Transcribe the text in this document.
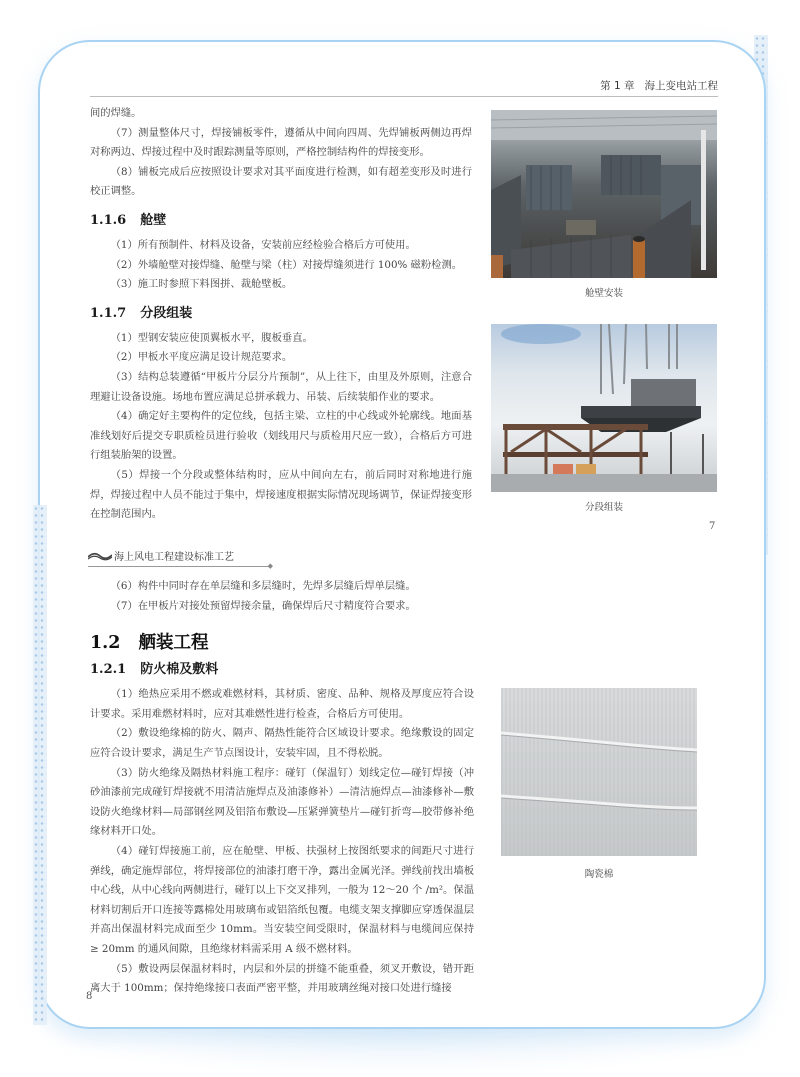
第 1 章 海上变电站工程

间的焊缝。

（7）测量整体尺寸，焊接铺板零件，遵循从中间向四周、先焊铺板两侧边再焊对称两边、焊接过程中及时跟踪测量等原则，严格控制结构件的焊接变形。

（8）铺板完成后应按照设计要求对其平面度进行检测，如有超差变形及时进行校正调整。

1.1.6 舱壁

（1）所有预制件、材料及设备，安装前应经检验合格后方可使用。

（2）外墙舱壁对接焊缝、舱壁与梁（柱）对接焊缝须进行 100% 磁粉检测。

（3）施工时参照下料图拼、裁舱壁板。

1.1.7 分段组装

（1）型钢安装应使顶翼板水平，腹板垂直。

（2）甲板水平度应满足设计规范要求。

（3）结构总装遵循“甲板片分层分片预制”，从上往下，由里及外原则，注意合理避让设备设施。场地布置应满足总拼承载力、吊装、后续装船作业的要求。

（4）确定好主要构件的定位线，包括主梁、立柱的中心线或外轮廓线。地面基准线划好后提交专职质检员进行验收（划线用尺与质检用尺应一致），合格后方可进行组装胎架的设置。

（5）焊接一个分段或整体结构时，应从中间向左右，前后同时对称地进行施焊，焊接过程中人员不能过于集中，焊接速度根据实际情况现场调节，保证焊接变形在控制范围内。

舱壁安装
分段组装
7
海上风电工程建设标准工艺
◆

（6）构件中同时存在单层缝和多层缝时，先焊多层缝后焊单层缝。

（7）在甲板片对接处预留焊接余量，确保焊后尺寸精度符合要求。

1.2 舾装工程
1.2.1 防火棉及敷料

（1）绝热应采用不燃或难燃材料，其材质、密度、品种、规格及厚度应符合设计要求。采用难燃材料时，应对其难燃性进行检查，合格后方可使用。

（2）敷设绝缘棉的防火、隔声、隔热性能符合区域设计要求。绝缘敷设的固定应符合设计要求，满足生产节点图设计，安装牢固，且不得松脱。

（3）防火绝缘及隔热材料施工程序：碰钉（保温钉）划线定位—碰钉焊接（冲砂油漆前完成碰钉焊接就不用清洁施焊点及油漆修补）—清洁施焊点—油漆修补—敷设防火绝缘材料—局部钢丝网及铝箔布敷设—压紧弹簧垫片—碰钉折弯—胶带修补绝缘材料开口处。

（4）碰钉焊接施工前，应在舱壁、甲板、扶强材上按图纸要求的间距尺寸进行弹线，确定施焊部位，将焊接部位的油漆打磨干净，露出金属光泽。弹线前找出墙板中心线，从中心线向两侧进行，碰钉以上下交叉排列，一般为 12～20 个 /m²。保温材料切割后开口连接等露棉处用玻璃布或铝箔纸包覆。电缆支架支撑脚应穿透保温层并高出保温材料完成面至少 10mm。当安装空间受限时，保温材料与电缆间应保持≥ 20mm 的通风间隙，且绝缘材料需采用 A 级不燃材料。

（5）敷设两层保温材料时，内层和外层的拼缝不能重叠，须叉开敷设，错开距离大于 100mm；保持绝缘接口表面严密平整，并用玻璃丝绳对接口处进行缝接

陶瓷棉
8
